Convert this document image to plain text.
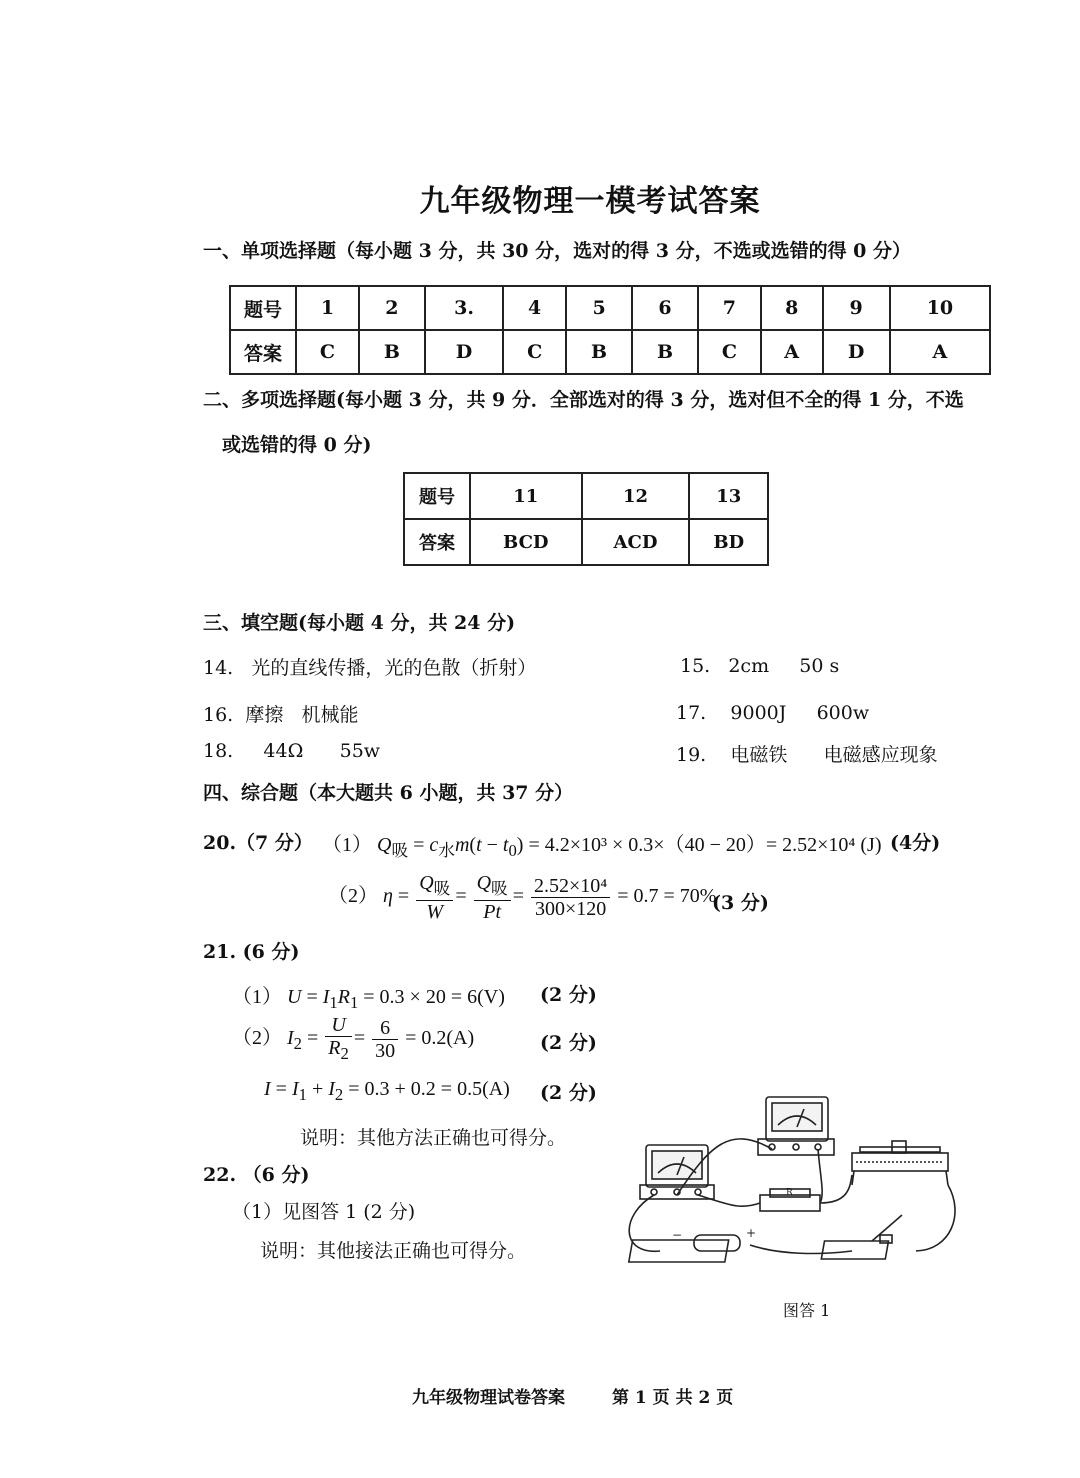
九年级物理一模考试答案
一、单项选择题（每小题 3 分，共 30 分，选对的得 3 分，不选或选错的得 0 分）
题号	1	2	3.	4	5	6	7	8	9	10
答案	C	B	D	C	B	B	C	A	D	A
二、多项选择题(每小题 3 分，共 9 分．全部选对的得 3 分，选对但不全的得 1 分，不选
或选错的得 0 分)
题号	11	12	13
答案	BCD	ACD	BD
三、填空题(每小题 4 分，共 24 分)
14. 光的直线传播，光的色散（折射）	15. 2cm 50 s
16. 摩擦 机械能	17. 9000J 600w
18. 44Ω 55w	19. 电磁铁 电磁感应现象
四、综合题（本大题共 6 小题，共 37 分）
20.（7 分） （1） $Q_吸 = c_水m(t - t_0) = 4.2\times 10^3 \times 0.3\times(40 - 20)= 2.52\times 10^4$ (J) (4分)
（2） $\eta = \frac{Q_吸}{W} = \frac{Q_吸}{Pt} = \frac{\text{2.52×10⁴}}{300\times 120} = 0.7 = 70\%$
(3 分)
21. (6 分)
（1） $U = I_1R_1 = 0.3 \times 20 = 6(V)$ (2 分)
（2） $I_2 = \frac{U}{R_2} = \frac{6}{30} = 0.2(A)$	(2 分)
$I = I_1 + I_2 = 0.3 + 0.2 = 0.5(A)$ (2 分)
说明：其他方法正确也可得分。
22. （6 分)
（1）见图答 1 (2 分)
说明：其他接法正确也可得分。
R
−	+
图答 1
九年级物理试卷答案	第 1 页 共 2 页
